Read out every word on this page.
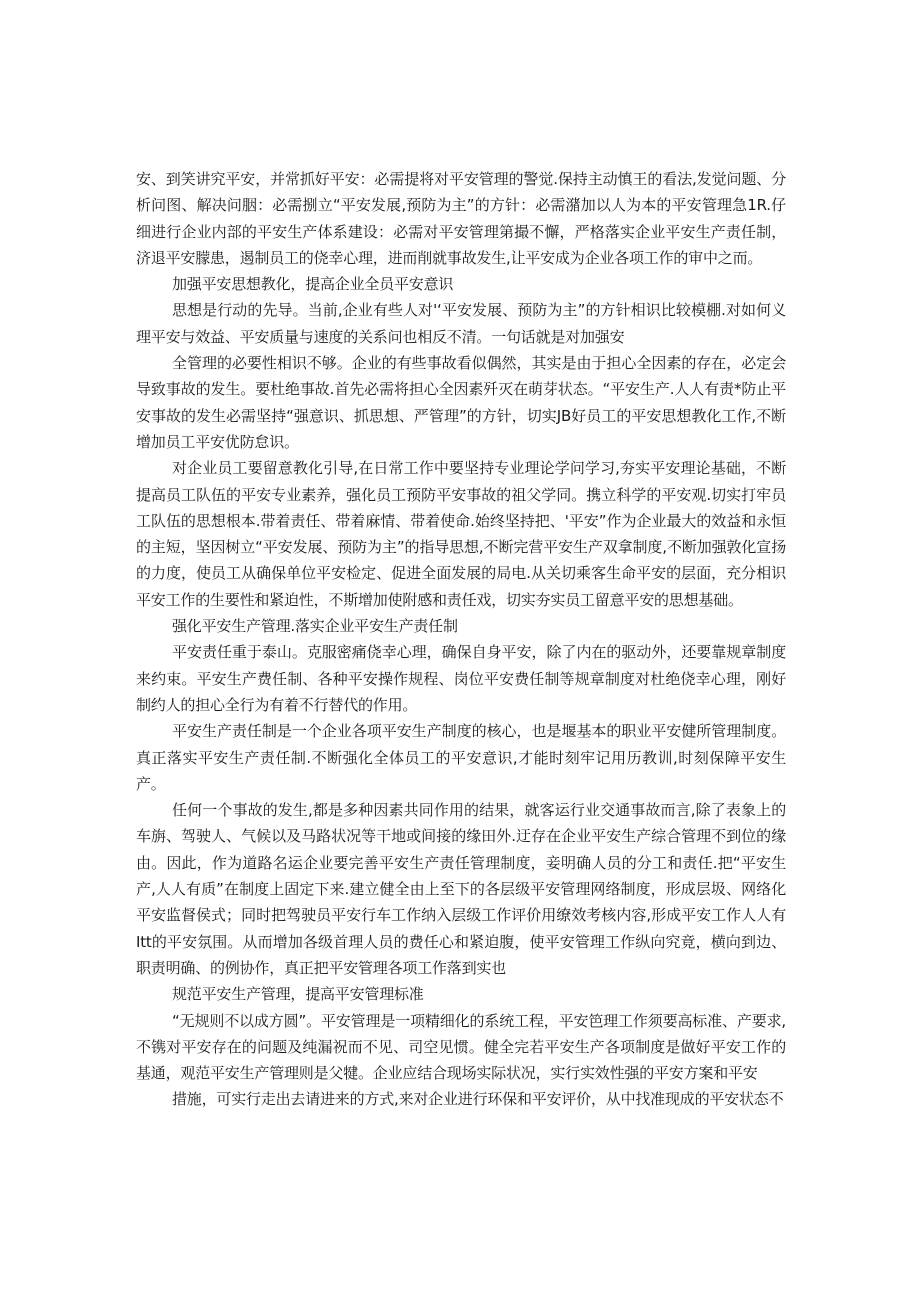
安、到笑讲究平安，并常抓好平安：必需提将对平安管理的警觉.保持主动慎王的看法,发觉问题、分析问图、解决问胭：必需捌立“平安发展,预防为主”的方针：必需潴加以人为本的平安管理急1R.仔细进行企业内部的平安生产体系建设：必需对平安管理第撮不懈，严格落实企业平安生产责任制，济退平安朦患，遏制员工的侥幸心理，进而削就事故发生,让平安成为企业各项工作的审中之而。

加强平安思想教化，提高企业全员平安意识

思想是行动的先导。当前,企业有些人对'‘平安发展、预防为主”的方针相识比较模棚.对如何义理平安与效益、平安质量与速度的关系问也相反不清。一句话就是对加强安

全管理的必要性相识不够。企业的有些事故看似偶然，其实是由于担心全因素的存在，必定会导致事故的发生。要杜绝事故.首先必需将担心全因素歼灭在萌芽状态。“平安生产.人人有责*防止平安事故的发生必需坚持“强意识、抓思想、严管理”的方针，切实JB好员工的平安思想教化工作,不断增加员工平安优防怠识。

对企业员工要留意教化引导,在日常工作中要坚持专业理论学问学习,夯实平安理论基础，不断提高员工队伍的平安专业素养，强化员工预防平安事故的祖父学同。携立科学的平安观.切实打牢员工队伍的思想根本.带着责任、带着麻情、带着使命.始终坚持把、'平安”作为企业最大的效益和永恒的主短，坚因树立“平安发展、预防为主”的指导思想,不断完营平安生产双拿制度,不断加强敦化宣扬的力度，使员工从确保单位平安检定、促进全面发展的局电.从关切乘客生命平安的层面，充分相识平安工作的生要性和紧迫性，不斯增加使附感和责任戏，切实夯实员工留意平安的思想基础。

强化平安生产管理.落实企业平安生产责任制

平安责任重于泰山。克服密痛侥幸心理，确保自身平安，除了内在的驱动外，还要靠规章制度来约束。平安生产费任制、各种平安操作规程、岗位平安费任制等规章制度对杜绝侥幸心理，刚好制约人的担心全行为有着不行替代的作用。

平安生产责任制是一个企业各项平安生产制度的核心，也是堰基本的职业平安健所管理制度。真正落实平安生产责任制.不断强化全体员工的平安意识,才能时刻牢记用历教训,时刻保障平安生产。

任何一个事故的发生,都是多种因素共同作用的结果，就客运行业交通事故而言,除了表象上的车旃、驾驶人、气候以及马路状况等干地或间接的缘田外.迂存在企业平安生产综合管理不到位的缘由。因此，作为道路名运企业要完善平安生产责任管理制度，妾明确人员的分工和责任.把“平安生产,人人有质”在制度上固定下来.建立健全由上至下的各层级平安管理网络制度，形成层圾、网络化平安监督侯式；同时把驾驶员平安行车工作纳入层级工作评价用缭效考核内容,形成平安工作人人有Itt的平安氛围。从而增加各级首理人员的费任心和紧迫腹，使平安管理工作纵向究竟，横向到边、职责明确、的例协作，真正把平安管理各项工作落到实也

规范平安生产管理，提高平安管理标准

“无规则不以成方圆”。平安管理是一项精细化的系统工程，平安笆理工作须要高标准、产要求,不镌对平安存在的问题及纯漏祝而不见、司空见惯。健全完若平安生产各项制度是做好平安工作的基通，观范平安生产管理则是父犍。企业应结合现场实际状况，实行实效性强的平安方案和平安

措施，可实行走出去请进来的方式,来对企业进行环保和平安评价，从中找准现成的平安状态不
